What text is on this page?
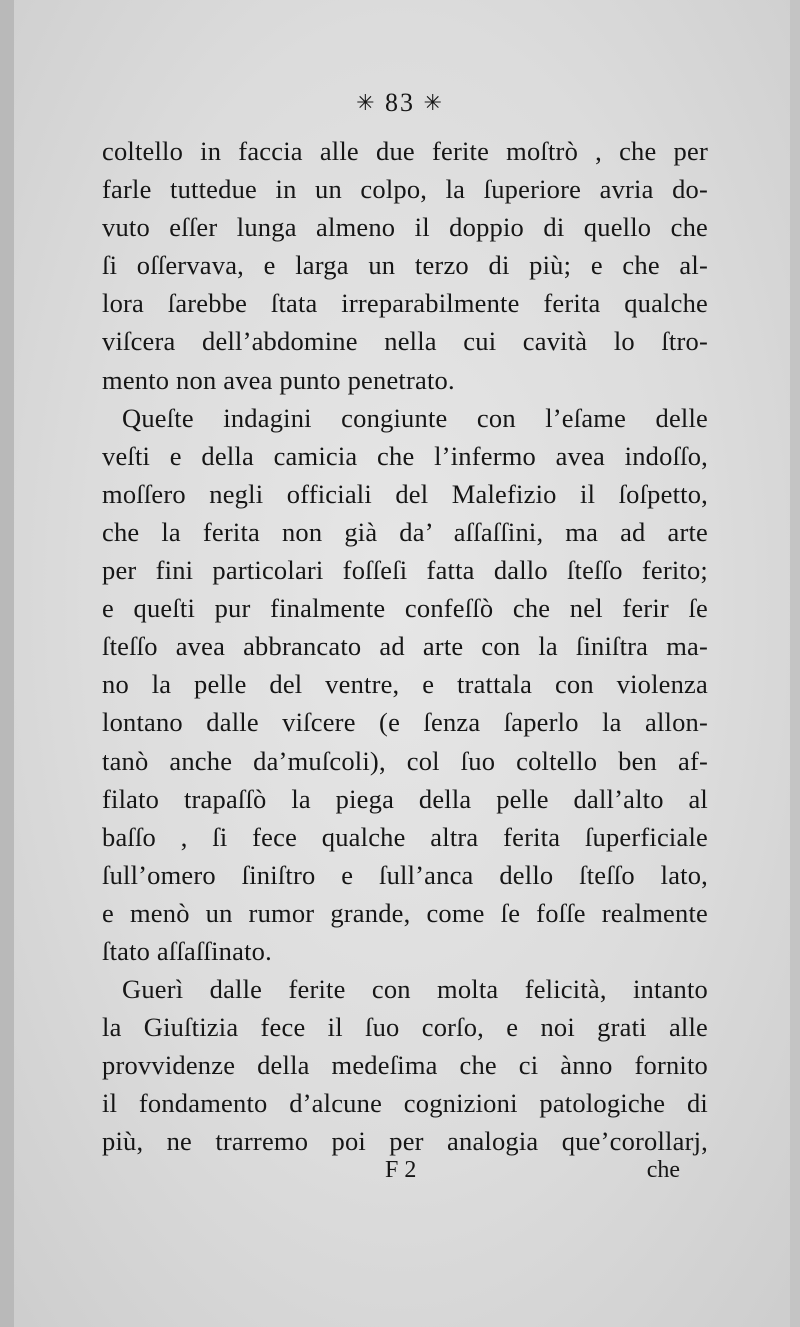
✳ 83 ✳
coltello in faccia alle due ferite moſtrò , che per
farle tuttedue in un colpo, la ſuperiore avria do-
vuto eſſer lunga almeno il doppio di quello che
ſi oſſervava, e larga un terzo di più; e che al-
lora ſarebbe ſtata irreparabilmente ferita qualche
viſcera dell’abdomine nella cui cavità lo ſtro-
mento non avea punto penetrato.
Queſte indagini congiunte con l’eſame delle
veſti e della camicia che l’infermo avea indoſſo,
moſſero negli officiali del Malefizio il ſoſpetto,
che la ferita non già da’ aſſaſſini, ma ad arte
per fini particolari foſſeſi fatta dallo ſteſſo ferito;
e queſti pur finalmente confeſſò che nel ferir ſe
ſteſſo avea abbrancato ad arte con la ſiniſtra ma-
no la pelle del ventre, e trattala con violenza
lontano dalle viſcere (e ſenza ſaperlo la allon-
tanò anche da’muſcoli), col ſuo coltello ben af-
filato trapaſſò la piega della pelle dall’alto al
baſſo , ſi fece qualche altra ferita ſuperficiale
ſull’omero ſiniſtro e ſull’anca dello ſteſſo lato,
e menò un rumor grande, come ſe foſſe realmente
ſtato aſſaſſinato.
Guerì dalle ferite con molta felicità, intanto
la Giuſtizia fece il ſuo corſo, e noi grati alle
provvidenze della medeſima che ci ànno fornito
il fondamento d’alcune cognizioni patologiche di
più, ne trarremo poi per analogia que’corollarj,
F 2	che
